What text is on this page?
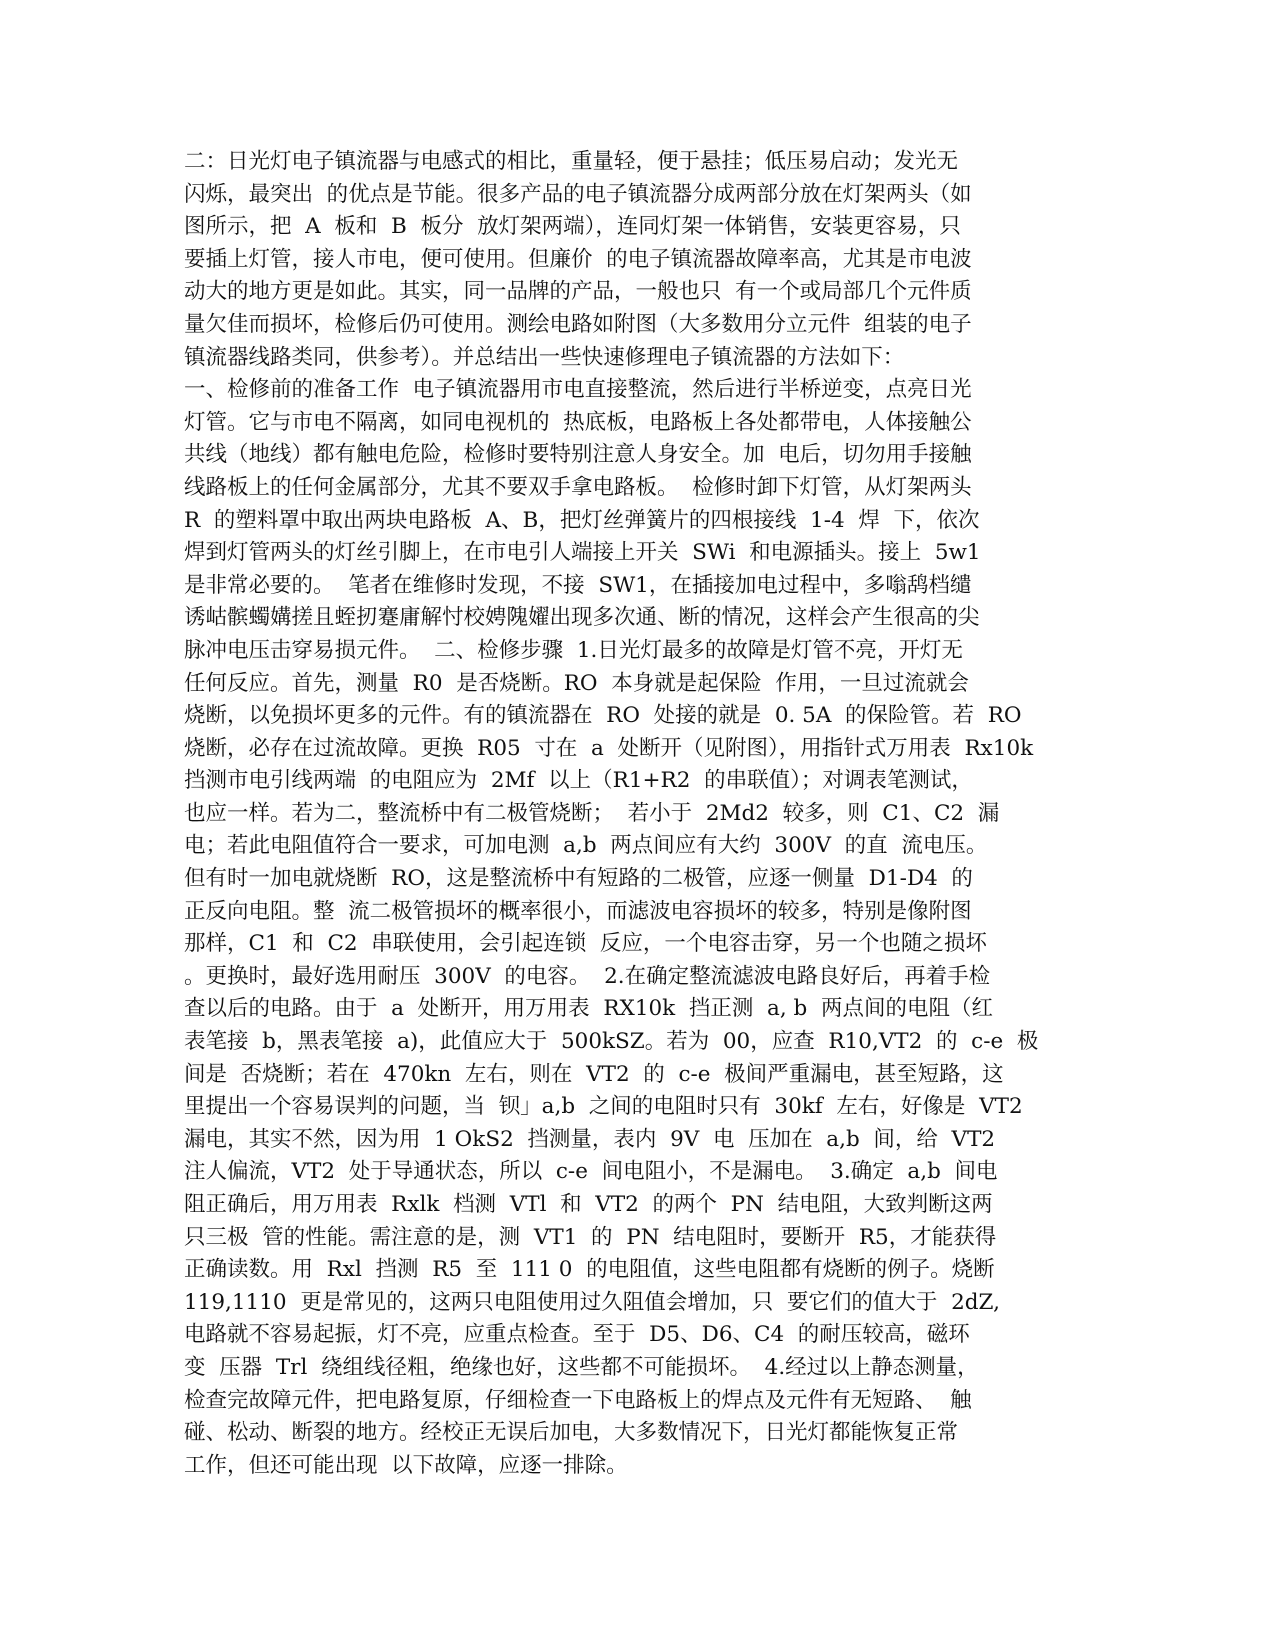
二：日光灯电子镇流器与电感式的相比，重量轻，便于悬挂；低压易启动；发光无
闪烁，最突出  的优点是节能。很多产品的电子镇流器分成两部分放在灯架两头（如
图所示，把  A  板和  B  板分  放灯架两端），连同灯架一体销售，安装更容易，只
要插上灯管，接人市电，便可使用。但廉价  的电子镇流器故障率高，尤其是市电波
动大的地方更是如此。其实，同一品牌的产品，一般也只  有一个或局部几个元件质
量欠佳而损坏，检修后仍可使用。测绘电路如附图（大多数用分立元件  组装的电子
镇流器线路类同，供参考）。并总结出一些快速修理电子镇流器的方法如下：
一、检修前的准备工作  电子镇流器用市电直接整流，然后进行半桥逆变，点亮日光
灯管。它与市电不隔离，如同电视机的  热底板，电路板上各处都带电，人体接触公
共线（地线）都有触电危险，检修时要特别注意人身安全。加  电后，切勿用手接触
线路板上的任何金属部分，尤其不要双手拿电路板。  检修时卸下灯管，从灯架两头
R  的塑料罩中取出两块电路板  A、B，把灯丝弹簧片的四根接线  1-4  焊  下，依次
焊到灯管两头的灯丝引脚上，在市电引人端接上开关  SWi  和电源插头。接上  5w1
是非常必要的。  笔者在维修时发现，不接  SW1，在插接加电过程中，多嗡鸹档缱
诱岵髌蠋媾搓且蛭扨蹇庸解忖校娉隗嬥出现多次通、断的情况，这样会产生很高的尖
脉冲电压击穿易损元件。  二、检修步骤  1.日光灯最多的故障是灯管不亮，开灯无
任何反应。首先，测量  R0  是否烧断。RO  本身就是起保险  作用，一旦过流就会
烧断，以免损坏更多的元件。有的镇流器在  RO  处接的就是  0. 5A  的保险管。若  RO
烧断，必存在过流故障。更换  R05  寸在  a  处断开（见附图），用指针式万用表  Rx10k
挡测市电引线两端  的电阻应为  2Mf  以上（R1+R2  的串联值）；对调表笔测试，
也应一样。若为二，整流桥中有二极管烧断；  若小于  2Md2  较多，则  C1、C2  漏
电；若此电阻值符合一要求，可加电测  a,b  两点间应有大约  300V  的直  流电压。
但有时一加电就烧断  RO，这是整流桥中有短路的二极管，应逐一侧量  D1-D4  的
正反向电阻。整  流二极管损坏的概率很小，而滤波电容损坏的较多，特别是像附图
那样，C1  和  C2  串联使用，会引起连锁  反应，一个电容击穿，另一个也随之损坏
。更换时，最好选用耐压  300V  的电容。  2.在确定整流滤波电路良好后，再着手检
查以后的电路。由于  a  处断开，用万用表  RX10k  挡正测  a, b  两点间的电阻（红
表笔接  b，黑表笔接  a)，此值应大于  500kSZ。若为  00，应查  R10,VT2  的  c-e  极
间是  否烧断；若在  470kn  左右，则在  VT2  的  c-e  极间严重漏电，甚至短路，这
里提出一个容易误判的问题，当  钡」a,b  之间的电阻时只有  30kf  左右，好像是  VT2
漏电，其实不然，因为用  1 OkS2  挡测量，表内  9V  电  压加在  a,b  间，给  VT2
注人偏流，VT2  处于导通状态，所以  c-e  间电阻小，不是漏电。  3.确定  a,b  间电
阻正确后，用万用表  Rxlk  档测  VTl  和  VT2  的两个  PN  结电阻，大致判断这两
只三极  管的性能。需注意的是，测  VT1  的  PN  结电阻时，要断开  R5，才能获得
正确读数。用  Rxl  挡测  R5  至  111 0  的电阻值，这些电阻都有烧断的例子。烧断
119,1110  更是常见的，这两只电阻使用过久阻值会增加，只  要它们的值大于  2dZ,
电路就不容易起振，灯不亮，应重点检查。至于  D5、D6、C4  的耐压较高，磁环
变  压器  Trl  绕组线径粗，绝缘也好，这些都不可能损坏。  4.经过以上静态测量，
检查完故障元件，把电路复原，仔细检查一下电路板上的焊点及元件有无短路、  触
碰、松动、断裂的地方。经校正无误后加电，大多数情况下，日光灯都能恢复正常
工作，但还可能出现  以下故障，应逐一排除。
